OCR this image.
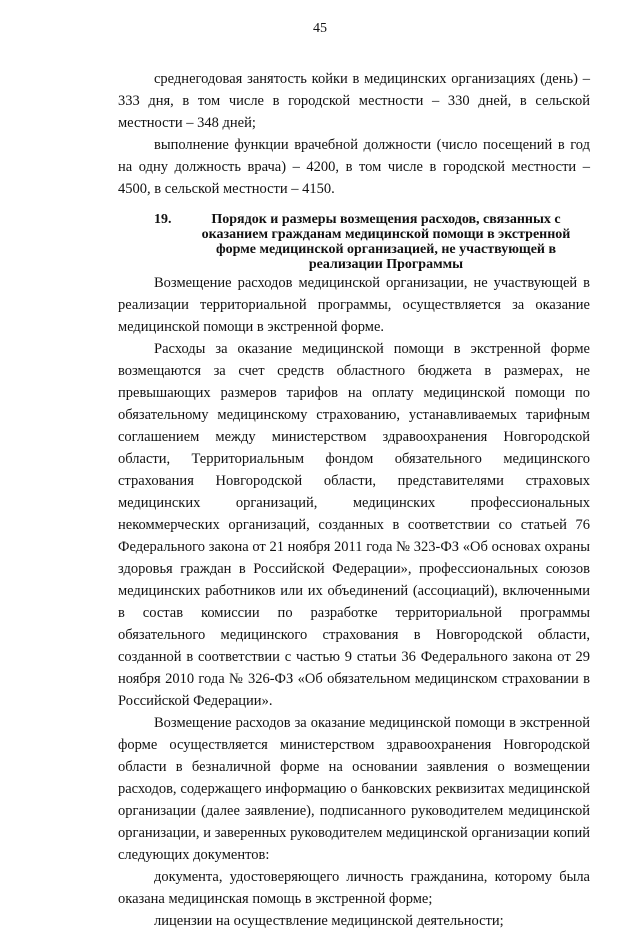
45

среднегодовая занятость койки в медицинских организациях (день) – 333 дня, в том числе в городской местности – 330 дней, в сельской местности – 348 дней;

выполнение функции врачебной должности (число посещений в год на одну должность врача) – 4200, в том числе в городской местности – 4500, в сельской местности – 4150.

19.	Порядок и размеры возмещения расходов, связанных с оказанием гражданам медицинской помощи в экстренной форме медицинской организацией, не участвующей в реализации Программы

Возмещение расходов медицинской организации, не участвующей в реализации территориальной программы, осуществляется за оказание медицинской помощи в экстренной форме.

Расходы за оказание медицинской помощи в экстренной форме возмещаются за счет средств областного бюджета в размерах, не превышающих размеров тарифов на оплату медицинской помощи по обязательному медицинскому страхованию, устанавливаемых тарифным соглашением между министерством здравоохранения Новгородской области, Территориальным фондом обязательного медицинского страхования Новгородской области, представителями страховых медицинских организаций, медицинских профессиональных некоммерческих организаций, созданных в соответствии со статьей 76 Федерального закона от 21 ноября 2011 года № 323-ФЗ «Об основах охраны здоровья граждан в Российской Федерации», профессиональных союзов медицинских работников или их объединений (ассоциаций), включенными в состав комиссии по разработке территориальной программы обязательного медицинского страхования в Новгородской области, созданной в соответствии с частью 9 статьи 36 Федерального закона от 29 ноября 2010 года № 326-ФЗ «Об обязательном медицинском страховании в Российской Федерации».

Возмещение расходов за оказание медицинской помощи в экстренной форме осуществляется министерством здравоохранения Новгородской области в безналичной форме на основании заявления о возмещении расходов, содержащего информацию о банковских реквизитах медицинской организации (далее заявление), подписанного руководителем медицинской организации, и заверенных руководителем медицинской организации копий следующих документов:

документа, удостоверяющего личность гражданина, которому была оказана медицинская помощь в экстренной форме;

лицензии на осуществление медицинской деятельности;
